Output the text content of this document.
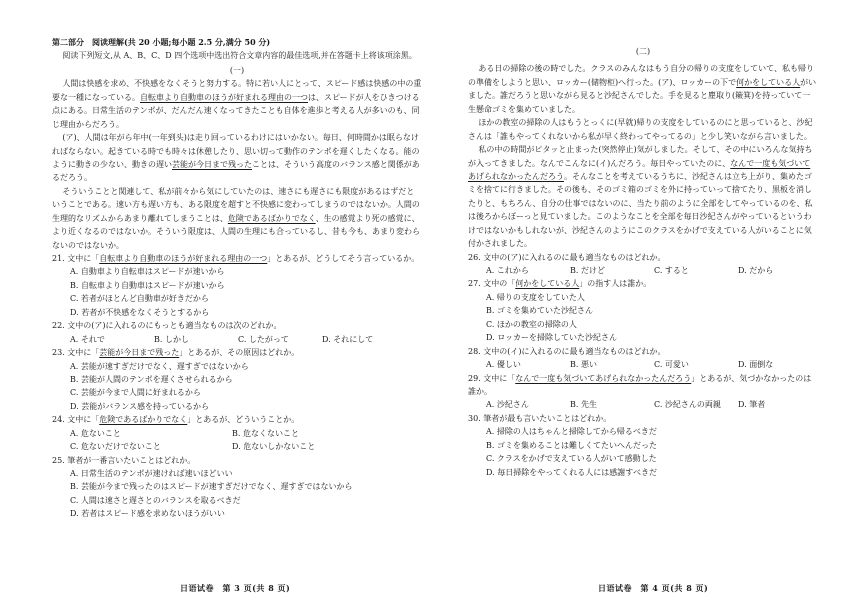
第二部分　阅读理解(共 20 小题;每小题 2.5 分,满分 50 分)

阅读下列短文,从 A、B、C、D 四个选项中选出符合文章内容的最佳选项,并在答题卡上将该项涂黑。

(一)

人間は快感を求め、不快感をなくそうと努力する。特に若い人にとって、スピード感は快感の中の重要な一種になっている。自転車より自動車のほうが好まれる理由の一つは、スピードが人をひきつける点にある。日常生活のテンポが、だんだん速くなってきたことも自体を進歩と考える人が多いのも、同じ理由からだろう。

(ア)、人間は年がら年中(一年到头)は走り回っているわけにはいかない。毎日、何時間かは眠らなければならない。起きている時でも時々は休憩したり、思い切って動作のテンポを遅くしたくなる。能のように動きの少ない、動きの遅い芸能が今日まで残ったことは、そういう高度のバランス感と関係があるだろう。

そういうことと関連して、私が前々から気にしていたのは、速さにも遅さにも限度があるはずだということである。速い方も遅い方も、ある限度を超すと不快感に変わってしまうのではないか。人間の生理的なリズムからあまり離れてしまうことは、危険であるばかりでなく、生の感覚より死の感覚に、より近くなるのではないか。そういう限度は、人間の生理にも合っているし、昔も今も、あまり変わらないのではないか。

21. 文中に「自転車より自動車のほうが好まれる理由の一つ」とあるが、どうしてそう言っているか。

A. 自動車より自転車はスピードが速いから

B. 自転車より自動車はスピードが速いから

C. 若者がほとんど自動車が好きだから

D. 若者が不快感をなくそうとするから

22. 文中の(ア)に入れるのにもっとも適当なものは次のどれか。

A. それで	B. しかし	C. したがって	D. それにして

23. 文中に「芸能が今日まで残った」とあるが、その原因はどれか。

A. 芸能が速すぎだけでなく、遅すぎではないから

B. 芸能が人間のテンポを遅くさせられるから

C. 芸能が今まで人間に好まれるから

D. 芸能がバランス感を持っているから

24. 文中に「危険であるばかりでなく」とあるが、どういうことか。

A. 危ないこと	B. 危なくないこと
C. 危ないだけでないこと	D. 危ないしかないこと

25. 筆者が一番言いたいことはどれか。

A. 日常生活のテンポが速ければ速いほどいい

B. 芸能が今まで残ったのはスピードが速すぎだけでなく、遅すぎではないから

C. 人間は速さと遅さとのバランスを取るべきだ

D. 若者はスピード感を求めないほうがいい

(二)

ある日の掃除の後の時でした。クラスのみんなはもう自分の帰りの支度をしていて、私も帰りの準備をしようと思い、ロッカー(储物柜)へ行った。(ア)、ロッカーの下で何かをしている人がいました。誰だろうと思いながら見ると沙紀さんでした。手を見ると塵取り(簸箕)を持っていて一生懸命ゴミを集めていました。

ほかの教室の掃除の人はもうとっくに(早就)帰りの支度をしているのにと思っていると、沙紀さんは「誰もやってくれないから私が早く終わってやってるの」と少し笑いながら言いました。

私の中の時間がピタッと止まった(突然停止)気がしました。そして、その中にいろんな気持ちが入ってきました。なんでこんなに(イ)んだろう。毎日やっていたのに、なんで一度も気づいてあげられなかったんだろう。そんなことを考えているうちに、沙紀さんは立ち上がり、集めたゴミを捨てに行きました。その後も、そのゴミ箱のゴミを外に持っていって捨てたり、黒板を消したりと、もちろん、自分の仕事ではないのに、当たり前のように全部をしてやっているのを、私は後ろからぼーっと見ていました。このようなことを全部を毎日沙紀さんがやっているというわけではないかもしれないが、沙紀さんのようにこのクラスをかげで支えている人がいることに気付かされました。

26. 文中の(ア)に入れるのに最も適当なものはどれか。

A. これから	B. だけど	C. すると	D. だから

27. 文中の「何かをしている人」の指す人は誰か。

A. 帰りの支度をしていた人

B. ゴミを集めていた沙紀さん

C. ほかの教室の掃除の人

D. ロッカーを掃除していた沙紀さん

28. 文中の(イ)に入れるのに最も適当なものはどれか。

A. 優しい	B. 悪い	C. 可愛い	D. 面倒な

29. 文中に「なんで一度も気づいてあげられなかったんだろう」とあるが、気づかなかったのは誰か。

A. 沙紀さん	B. 先生	C. 沙紀さんの両親	D. 筆者

30. 筆者が最も言いたいことはどれか。

A. 掃除の人はちゃんと掃除してから帰るべきだ

B. ゴミを集めることは難しくてたいへんだった

C. クラスをかげで支えている人がいて感動した

D. 毎日掃除をやってくれる人には感謝すべきだ

日语试卷　第 3 页(共 8 页)	日语试卷　第 4 页(共 8 页)
